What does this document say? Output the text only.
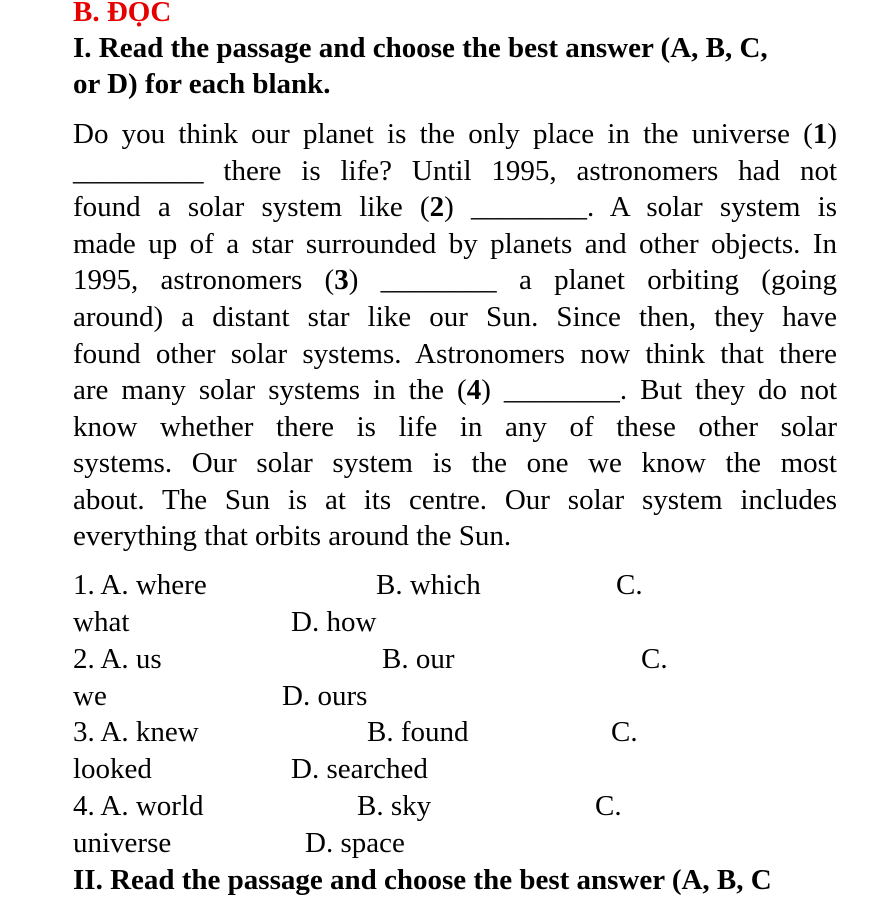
B. ĐỌC
I. Read the passage and choose the best answer (A, B, C,
or D) for each blank.
Do you think our planet is the only place in the universe (1)
_________ there is life? Until 1995, astronomers had not
found a solar system like (2) ________. A solar system is
made up of a star surrounded by planets and other objects. In
1995, astronomers (3) ________ a planet orbiting (going
around) a distant star like our Sun. Since then, they have
found other solar systems. Astronomers now think that there
are many solar systems in the (4) ________. But they do not
know whether there is life in any of these other solar
systems. Our solar system is the one we know the most
about. The Sun is at its centre. Our solar system includes
everything that orbits around the Sun.
1. A. where	B. which	C.
what	D. how
2. A. us	B. our	C.
we	D. ours
3. A. knew	B. found	C.
looked	D. searched
4. A. world	B. sky	C.
universe	D. space
II. Read the passage and choose the best answer (A, B, C
